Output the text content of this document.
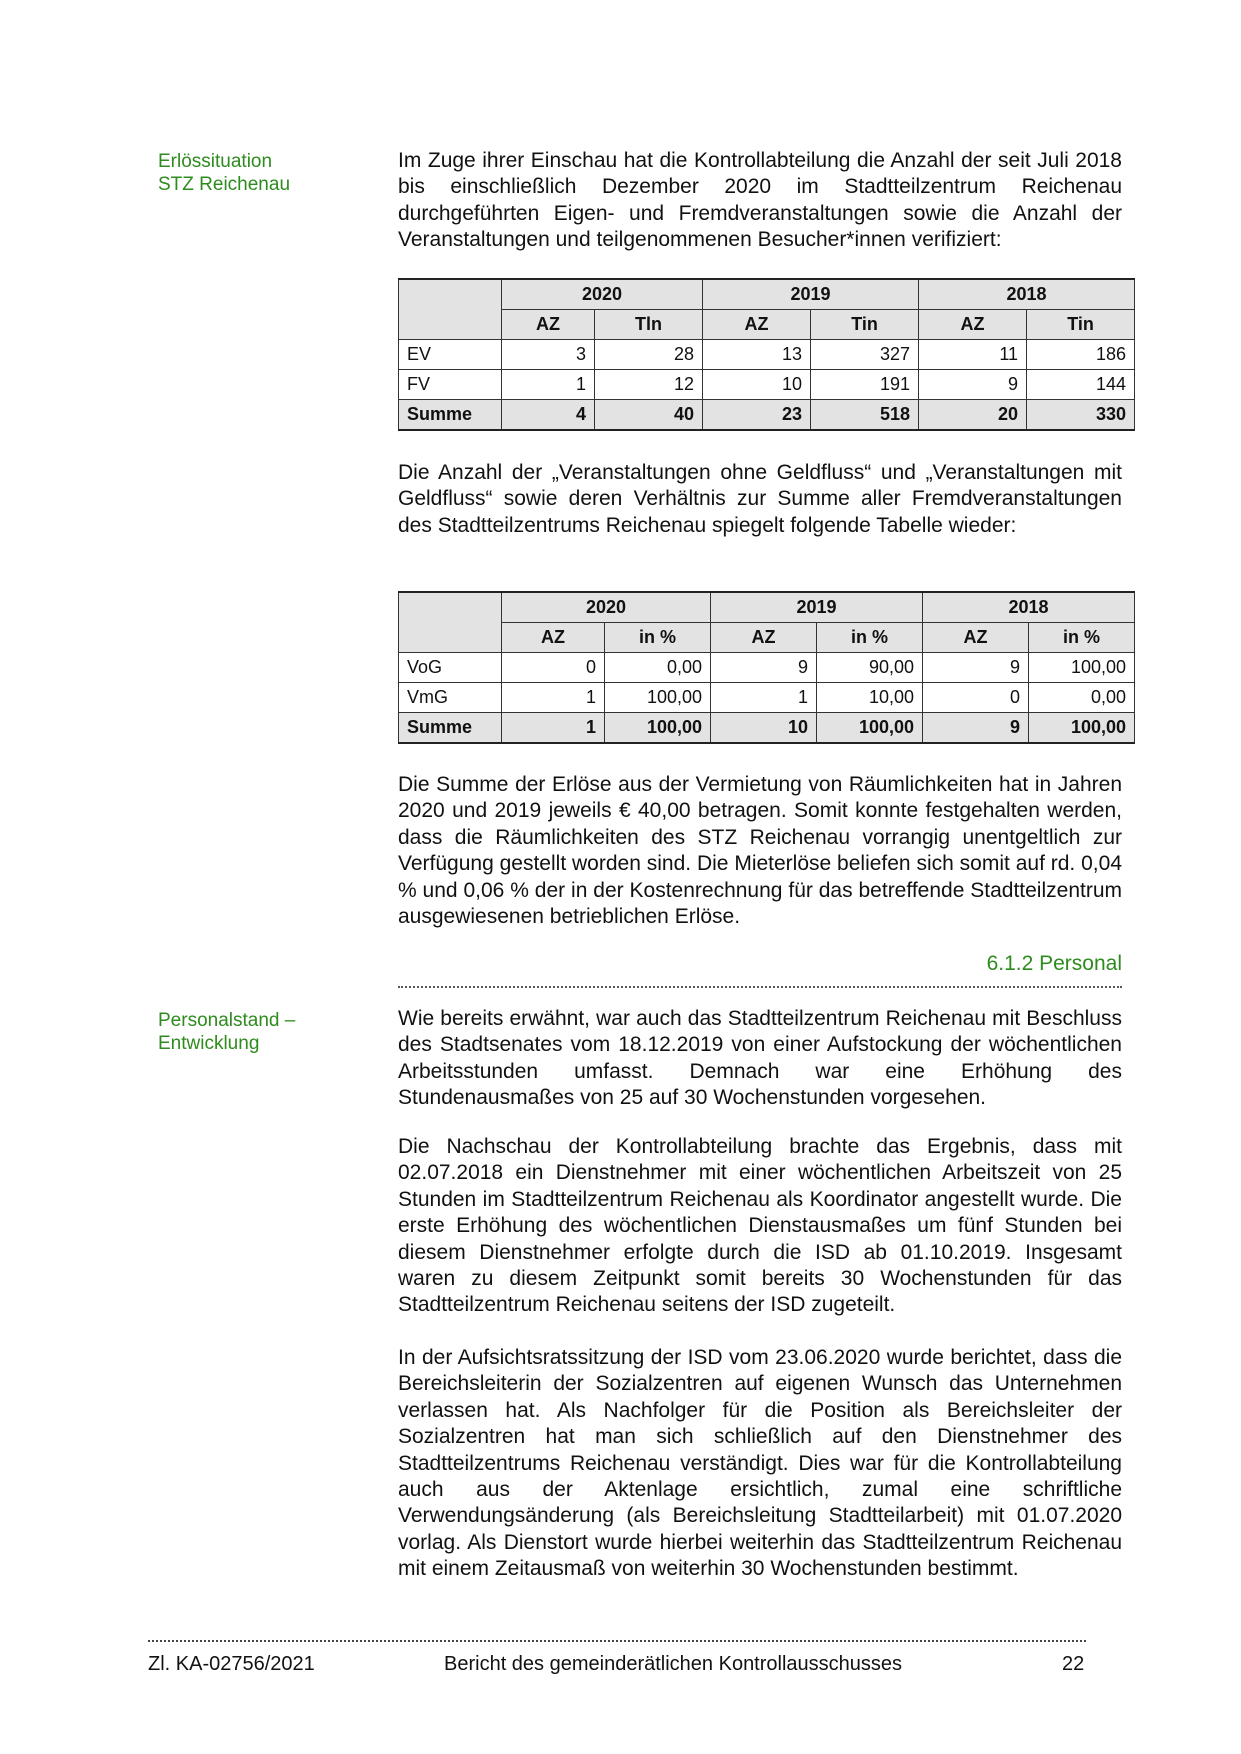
Erlössituation
STZ Reichenau
Personalstand –
Entwicklung

Im Zuge ihrer Einschau hat die Kontrollabteilung die Anzahl der seit Juli 2018 bis einschließlich Dezember 2020 im Stadtteilzentrum Reichenau durchgeführten Eigen- und Fremdveranstaltungen sowie die Anzahl der Veranstaltungen und teilgenommenen Besucher*innen verifiziert:

	2020		2019		2018	
	AZ	Tln	AZ	Tin	AZ	Tin
EV	3	28	13	327	11	186
FV	1	12	10	191	9	144
Summe	4	40	23	518	20	330

Die Anzahl der „Veranstaltungen ohne Geldfluss“ und „Veranstaltungen mit Geldfluss“ sowie deren Verhältnis zur Summe aller Fremdveranstaltungen des Stadtteilzentrums Reichenau spiegelt folgende Tabelle wieder:

	2020		2019		2018	
	AZ	in %	AZ	in %	AZ	in %
VoG	0	0,00	9	90,00	9	100,00
VmG	1	100,00	1	10,00	0	0,00
Summe	1	100,00	10	100,00	9	100,00

Die Summe der Erlöse aus der Vermietung von Räumlichkeiten hat in Jahren 2020 und 2019 jeweils € 40,00 betragen. Somit konnte festgehalten werden, dass die Räumlichkeiten des STZ Reichenau vorrangig unentgeltlich zur Verfügung gestellt worden sind. Die Mieterlöse beliefen sich somit auf rd. 0,04 % und 0,06 % der in der Kostenrechnung für das betreffende Stadtteilzentrum ausgewiesenen betrieblichen Erlöse.

6.1.2 Personal

Wie bereits erwähnt, war auch das Stadtteilzentrum Reichenau mit Beschluss des Stadtsenates vom 18.12.2019 von einer Aufstockung der wöchentlichen Arbeitsstunden umfasst. Demnach war eine Erhöhung des Stundenausmaßes von 25 auf 30 Wochenstunden vorgesehen.

Die Nachschau der Kontrollabteilung brachte das Ergebnis, dass mit 02.07.2018 ein Dienstnehmer mit einer wöchentlichen Arbeitszeit von 25 Stunden im Stadtteilzentrum Reichenau als Koordinator angestellt wurde. Die erste Erhöhung des wöchentlichen Dienstausmaßes um fünf Stunden bei diesem Dienstnehmer erfolgte durch die ISD ab 01.10.2019. Insgesamt waren zu diesem Zeitpunkt somit bereits 30 Wochenstunden für das Stadtteilzentrum Reichenau seitens der ISD zugeteilt.

In der Aufsichtsratssitzung der ISD vom 23.06.2020 wurde berichtet, dass die Bereichsleiterin der Sozialzentren auf eigenen Wunsch das Unternehmen verlassen hat. Als Nachfolger für die Position als Bereichsleiter der Sozialzentren hat man sich schließlich auf den Dienstnehmer des Stadtteilzentrums Reichenau verständigt. Dies war für die Kontrollabteilung auch aus der Aktenlage ersichtlich, zumal eine schriftliche Verwendungsänderung (als Bereichsleitung Stadtteilarbeit) mit 01.07.2020 vorlag. Als Dienstort wurde hierbei weiterhin das Stadtteilzentrum Reichenau mit einem Zeitausmaß von weiterhin 30 Wochenstunden bestimmt.

Zl. KA-02756/2021	Bericht des gemeinderätlichen Kontrollausschusses	22
